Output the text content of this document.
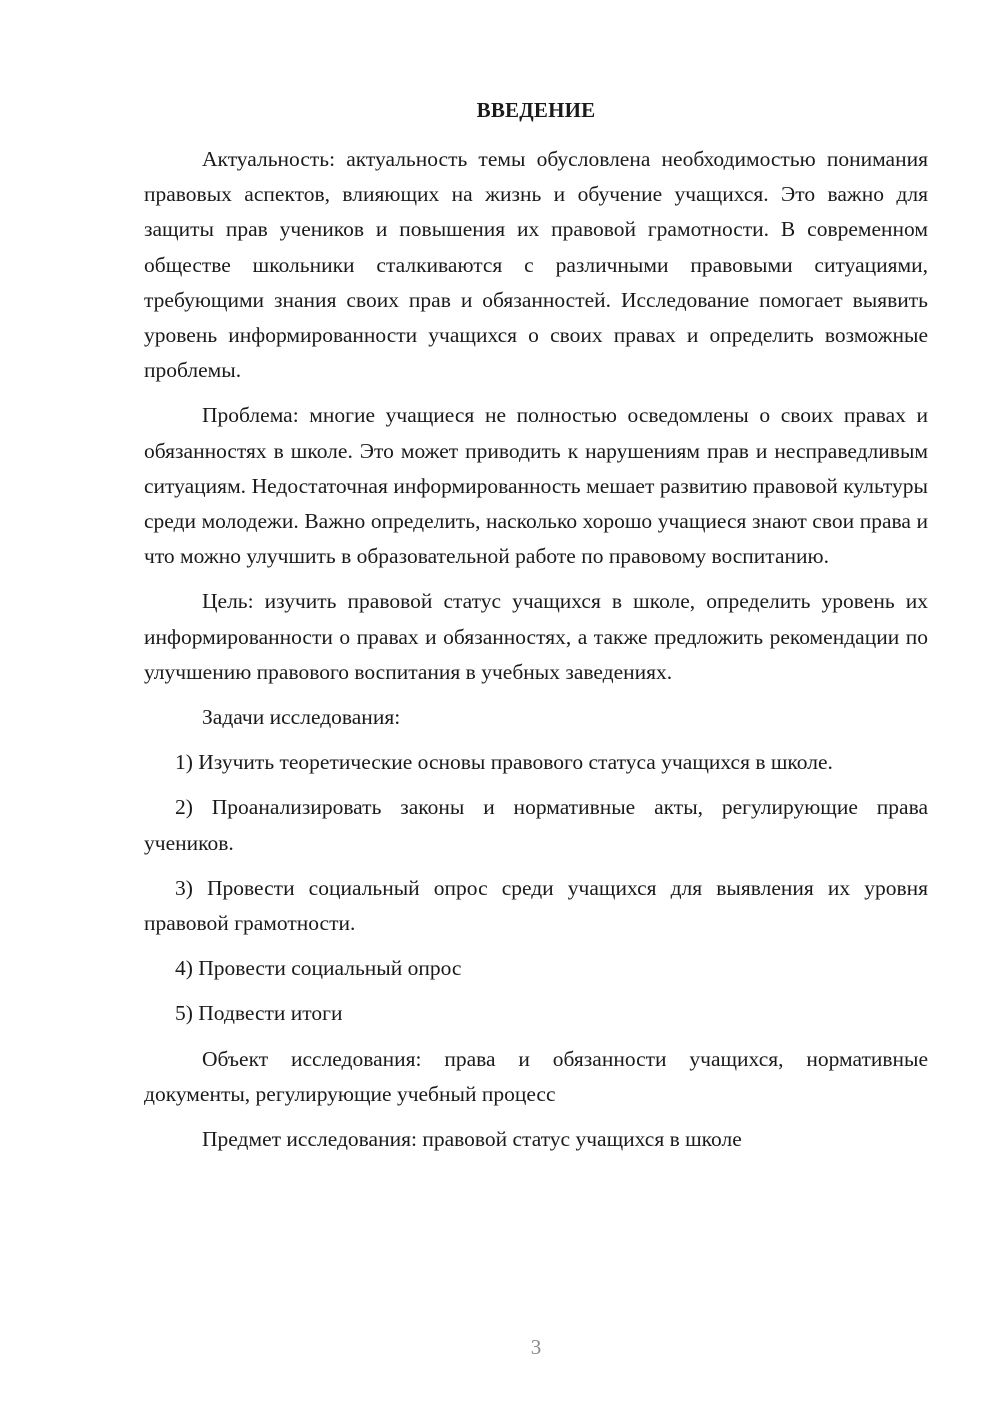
ВВЕДЕНИЕ

Актуальность: актуальность темы обусловлена необходимостью понимания правовых аспектов, влияющих на жизнь и обучение учащихся. Это важно для защиты прав учеников и повышения их правовой грамотности. В современном обществе школьники сталкиваются с различными правовыми ситуациями, требующими знания своих прав и обязанностей. Исследование помогает выявить уровень информированности учащихся о своих правах и определить возможные проблемы.

Проблема: многие учащиеся не полностью осведомлены о своих правах и обязанностях в школе. Это может приводить к нарушениям прав и несправедливым ситуациям. Недостаточная информированность мешает развитию правовой культуры среди молодежи. Важно определить, насколько хорошо учащиеся знают свои права и что можно улучшить в образовательной работе по правовому воспитанию.

Цель: изучить правовой статус учащихся в школе, определить уровень их информированности о правах и обязанностях, а также предложить рекомендации по улучшению правового воспитания в учебных заведениях.

Задачи исследования:

1) Изучить теоретические основы правового статуса учащихся в школе.

2) Проанализировать законы и нормативные акты, регулирующие права учеников.

3) Провести социальный опрос среди учащихся для выявления их уровня правовой грамотности.

4) Провести социальный опрос

5) Подвести итоги

Объект исследования: права и обязанности учащихся, нормативные документы, регулирующие учебный процесс

Предмет исследования: правовой статус учащихся в школе

3
